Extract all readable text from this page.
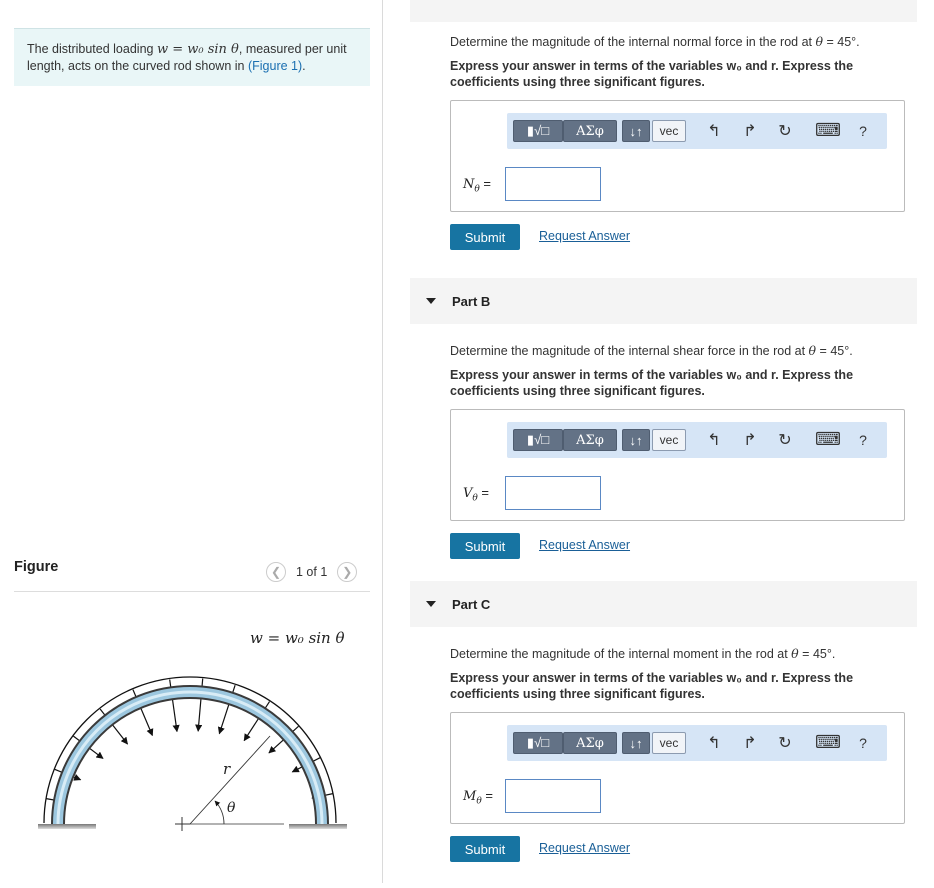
The distributed loading w = w₀ sin θ, measured per unit length, acts on the curved rod shown in (Figure 1).
Figure	❮ 1 of 1 ❯
r
θ
w = w₀ sin θ
Determine the magnitude of the internal normal force in the rod at θ = 45°.
Express your answer in terms of the variables w₀ and r. Express the coefficients using three significant figures.
▮√□	ΑΣφ	↓↑	vec	↰ ↱ ↻ ⌨	?
$N_\theta$ =
Submit	Request Answer
Part B
Determine the magnitude of the internal shear force in the rod at θ = 45°.
Express your answer in terms of the variables w₀ and r. Express the coefficients using three significant figures.
▮√□	ΑΣφ	↓↑	vec	↰ ↱ ↻ ⌨	?
$V_\theta$ =
Submit	Request Answer
Part C
Determine the magnitude of the internal moment in the rod at θ = 45°.
Express your answer in terms of the variables w₀ and r. Express the coefficients using three significant figures.
▮√□	ΑΣφ	↓↑	vec	↰ ↱ ↻ ⌨	?
$M_\theta$ =
Submit	Request Answer
